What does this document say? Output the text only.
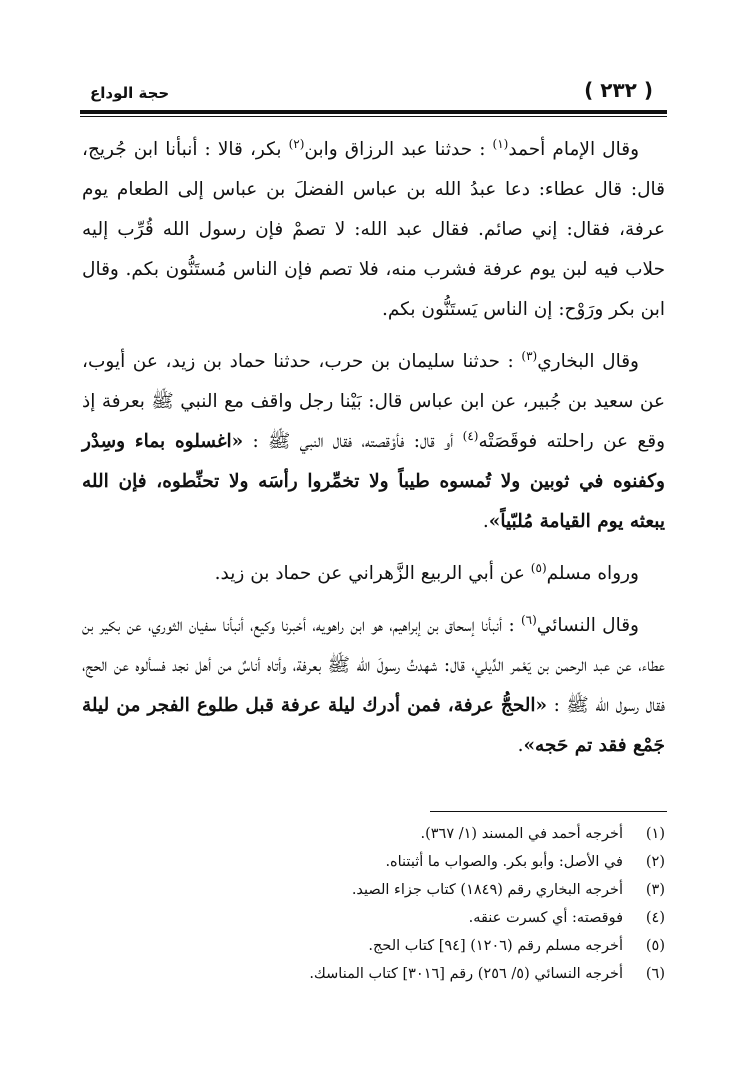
( ٢٣٢ )
حجة الوداع

وقال الإمام أحمد$^{(١)}$ : حدثنا عبد الرزاق وابن$^{(٢)}$ بكر، قالا : أنبأنا ابن جُريج، قال: قال عطاء: دعا عبدُ الله بن عباس الفضلَ بن عباس إلى الطعام يوم عرفة، فقال: إني صائم. فقال عبد الله: لا تصمْ فإن رسول الله قُرِّب إليه حلاب فيه لبن يوم عرفة فشرب منه، فلا تصم فإن الناس مُستَنُّون بكم. وقال ابن بكر ورَوْح: إن الناس يَستَنُّون بكم.

وقال البخاري$^{(٣)}$ : حدثنا سليمان بن حرب، حدثنا حماد بن زيد، عن أيوب، عن سعيد بن جُبير، عن ابن عباس قال: بَيْنا رجل واقف مع النبي ﷺ بعرفة إذ وقع عن راحلته فوقَصَتْه$^{(٤)}$ أو قال: فأوْقصته، فقال النبي ﷺ : «اغسلوه بماء وسِدْر وكفنوه في ثوبين ولا تُمسوه طيباً ولا تخمِّروا رأسَه ولا تحنِّطوه، فإن الله يبعثه يوم القيامة مُلبّياً».

ورواه مسلم$^{(٥)}$ عن أبي الربيع الزَّهراني عن حماد بن زيد.

وقال النسائي$^{(٦)}$ : أنبأنا إسحاق بن إبراهيم، هو ابن راهويه، أخبرنا وكيع، أنبأنا سفيان الثوري، عن بكير بن عطاء، عن عبد الرحمن بن يَعْمر الدِّيلي، قال: شهدتُ رسولَ الله ﷺ بعرفة، وأتاه أناسٌ من أهل نجد فسألوه عن الحج، فقال رسول الله ﷺ : «الحجُّ عرفة، فمن أدرك ليلة عرفة قبل طلوع الفجر من ليلة جَمْع فقد تم حَجه».

(١)أخرجه أحمد في المسند (١/ ٣٦٧).
(٢)في الأصل: وأبو بكر. والصواب ما أثبتناه.
(٣)أخرجه البخاري رقم (١٨٤٩) كتاب جزاء الصيد.
(٤)فوقصته: أي كسرت عنقه.
(٥)أخرجه مسلم رقم (١٢٠٦) [٩٤] كتاب الحج.
(٦)أخرجه النسائي (٥/ ٢٥٦) رقم [٣٠١٦] كتاب المناسك.
